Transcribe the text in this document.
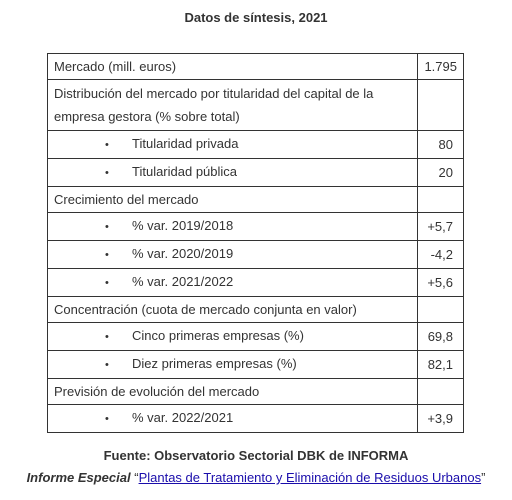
Datos de síntesis, 2021
Mercado (mill. euros)	1.795
Distribución del mercado por titularidad del capital de la empresa gestora (% sobre total)	
• Titularidad privada	80
• Titularidad pública	20
Crecimiento del mercado	
• % var. 2019/2018	+5,7
• % var. 2020/2019	-4,2
• % var. 2021/2022	+5,6
Concentración (cuota de mercado conjunta en valor)	
• Cinco primeras empresas (%)	69,8
• Diez primeras empresas (%)	82,1
Previsión de evolución del mercado	
• % var. 2022/2021	+3,9
Fuente: Observatorio Sectorial DBK de INFORMA
Informe Especial “Plantas de Tratamiento y Eliminación de Residuos Urbanos”
